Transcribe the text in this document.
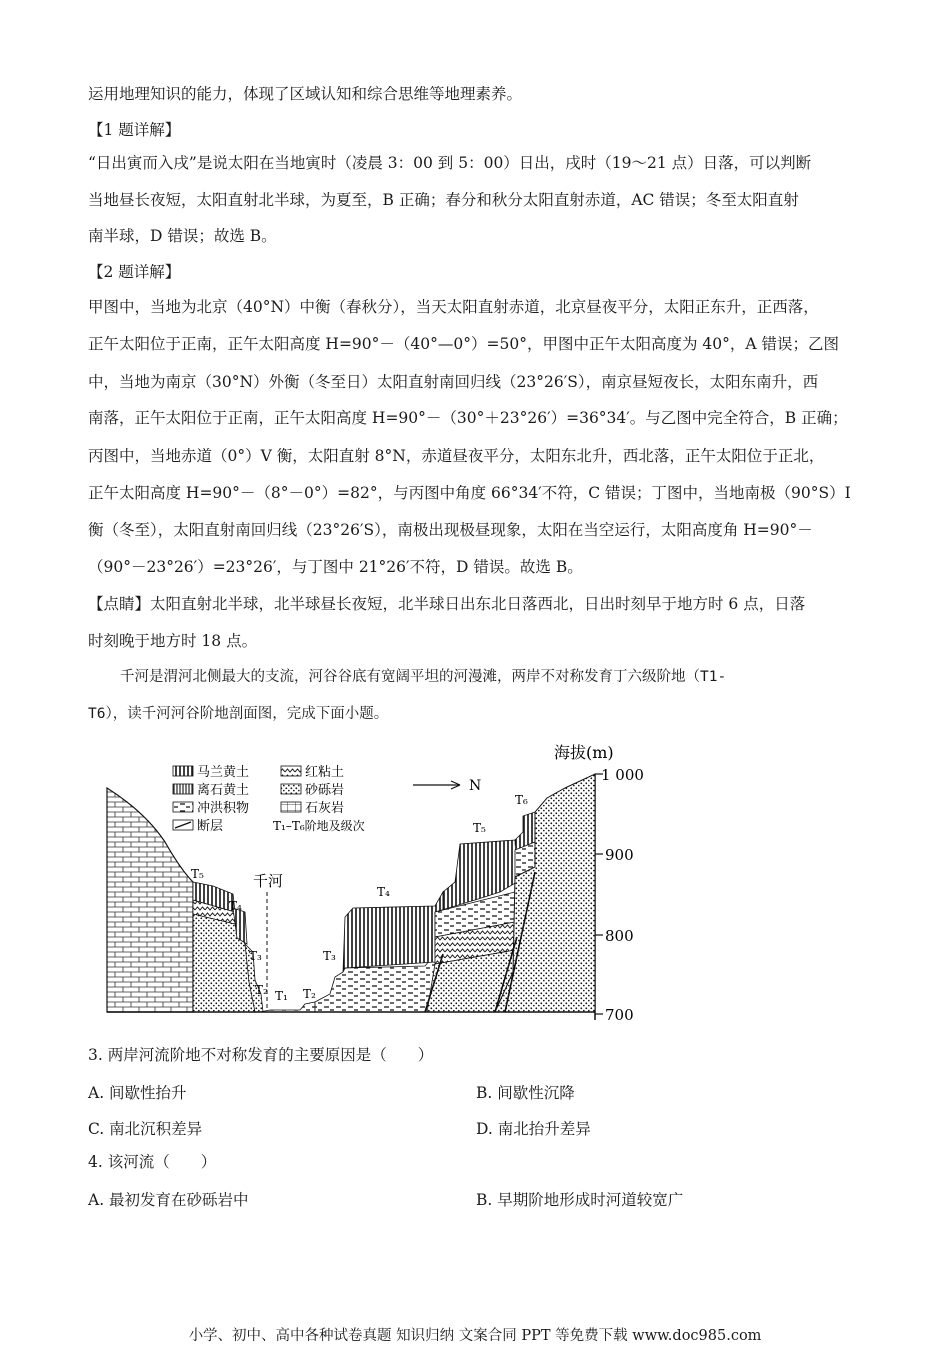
运用地理知识的能力，体现了区域认知和综合思维等地理素养。
【1 题详解】
“日出寅而入戌”是说太阳在当地寅时（凌晨 3：00 到 5：00）日出，戌时（19～21 点）日落，可以判断
当地昼长夜短，太阳直射北半球，为夏至，B 正确；春分和秋分太阳直射赤道，AC 错误；冬至太阳直射
南半球，D 错误；故选 B。
【2 题详解】
甲图中，当地为北京（40°N）中衡（春秋分），当天太阳直射赤道，北京昼夜平分，太阳正东升，正西落，
正午太阳位于正南，正午太阳高度 H=90°－（40°—0°）=50°，甲图中正午太阳高度为 40°，A 错误；乙图
中，当地为南京（30°N）外衡（冬至日）太阳直射南回归线（23°26′S），南京昼短夜长，太阳东南升，西
南落，正午太阳位于正南，正午太阳高度 H=90°－（30°＋23°26′）=36°34′。与乙图中完全符合，B 正确；
丙图中，当地赤道（0°）V 衡，太阳直射 8°N，赤道昼夜平分，太阳东北升，西北落，正午太阳位于正北，
正午太阳高度 H=90°－（8°－0°）=82°，与丙图中角度 66°34′不符，C 错误；丁图中，当地南极（90°S）I
衡（冬至），太阳直射南回归线（23°26′S），南极出现极昼现象，太阳在当空运行，太阳高度角 H=90°－
（90°－23°26′）=23°26′，与丁图中 21°26′不符，D 错误。故选 B。
【点睛】太阳直射北半球，北半球昼长夜短，北半球日出东北日落西北，日出时刻早于地方时 6 点，日落
时刻晚于地方时 18 点。
千河是渭河北侧最大的支流，河谷谷底有宽阔平坦的河漫滩，两岸不对称发育丁六级阶地（T1-
T6），读千河河谷阶地剖面图，完成下面小题。
马兰黄土	红粘土
离石黄土	砂砾岩
冲洪积物	石灰岩
断层	T₁–T₆阶地及级次
N
海拔(m)
1 000
900
800
700
千河
T₅
T₄
T₃
T₂ T₁ T₂
T₃
T₄
T₅
T₆
3. 两岸河流阶地不对称发育的主要原因是（　　）
A. 间歇性抬升	B. 间歇性沉降
C. 南北沉积差异	D. 南北抬升差异
4. 该河流（　　）
A. 最初发育在砂砾岩中	B. 早期阶地形成时河道较宽广
小学、初中、高中各种试卷真题 知识归纳 文案合同 PPT 等免费下载 www.doc985.com
